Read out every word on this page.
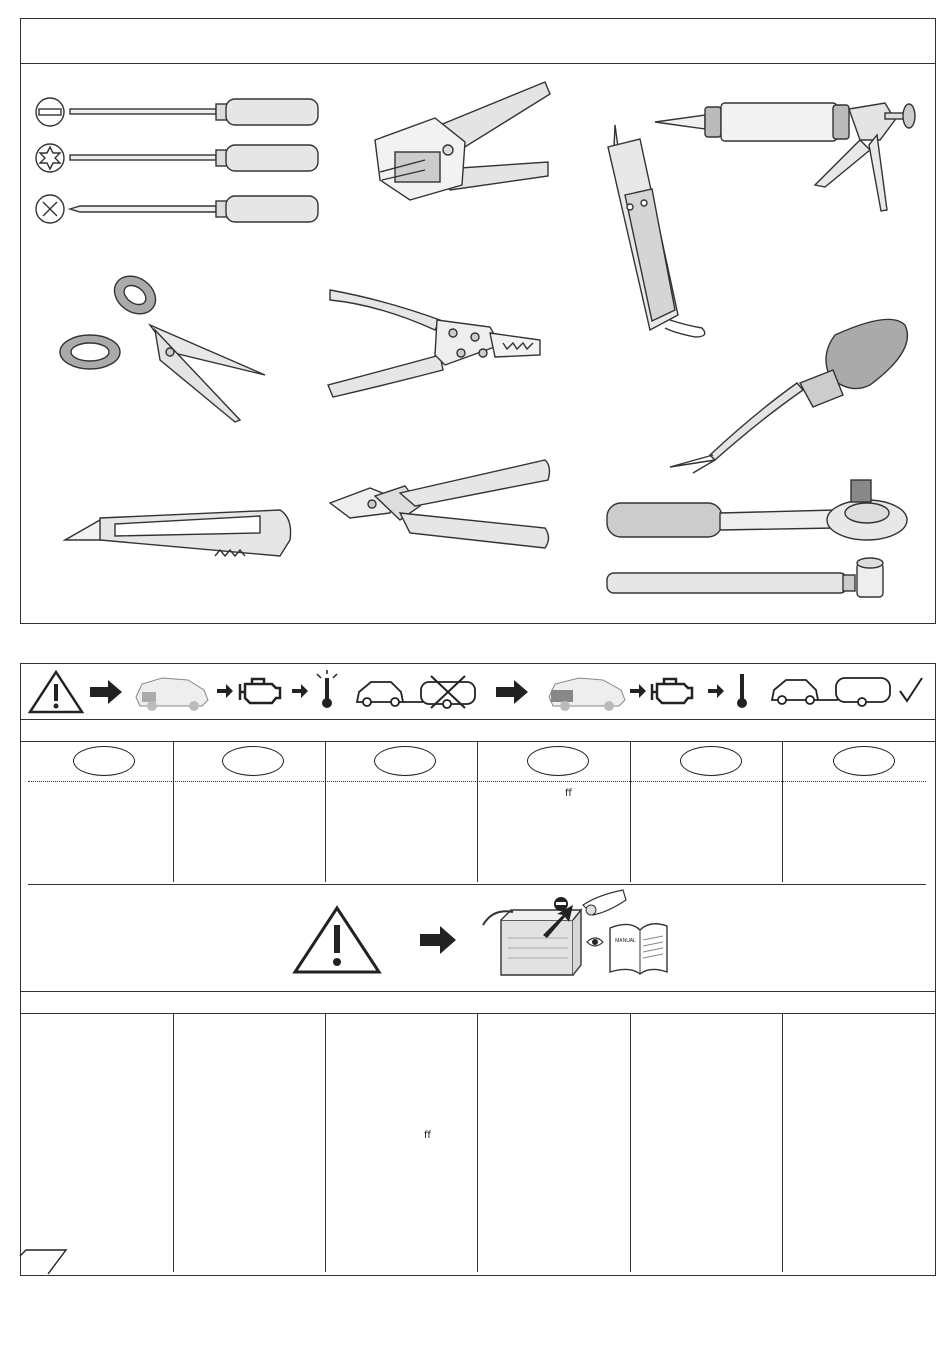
ff
MANUAL
ff
